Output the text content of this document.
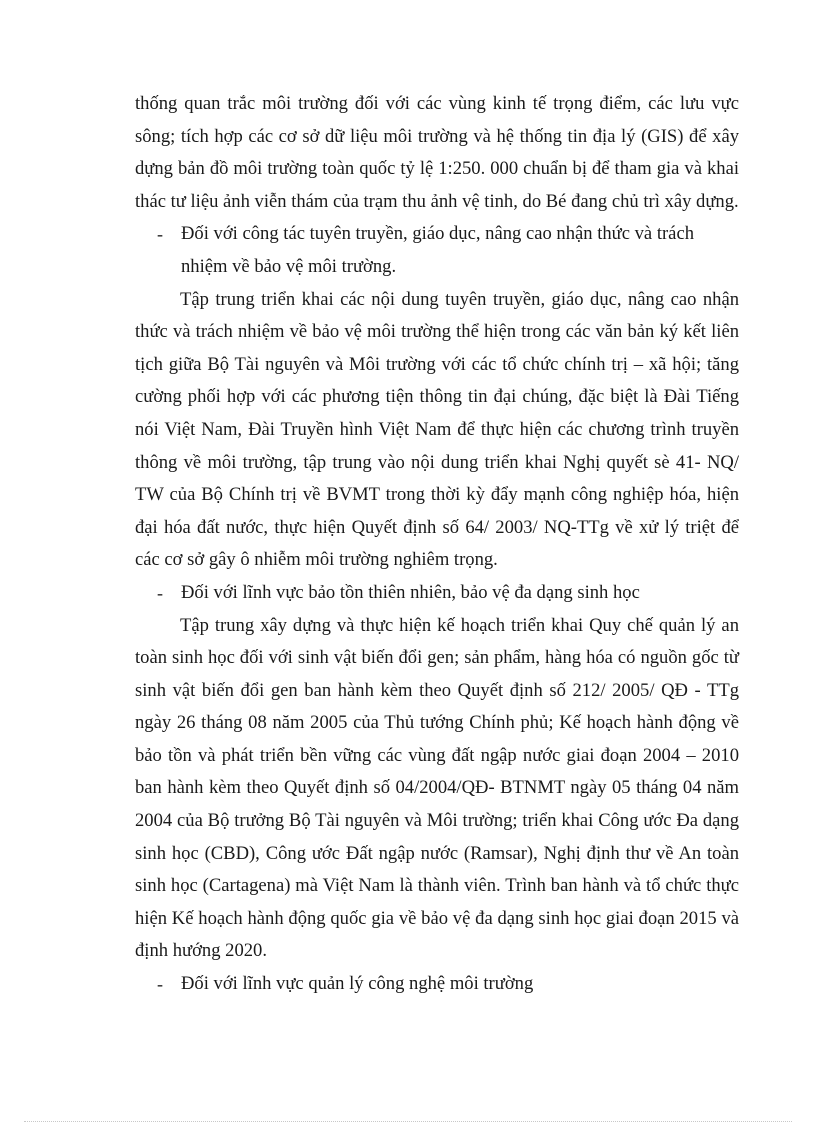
thống quan trắc môi trường đối với các vùng kinh tế trọng điểm, các lưu vực sông; tích hợp các cơ sở dữ liệu môi trường và hệ thống tin địa lý (GIS) để xây dựng bản đồ môi trường toàn quốc tỷ lệ 1:250. 000 chuẩn bị để tham gia và khai thác tư liệu ảnh viễn thám của trạm thu ảnh vệ tinh, do Bé đang chủ trì xây dựng.

- Đối với công tác tuyên truyền, giáo dục, nâng cao nhận thức và trách nhiệm về bảo vệ môi trường.

Tập trung triển khai các nội dung tuyên truyền, giáo dục, nâng cao nhận thức và trách nhiệm về bảo vệ môi trường thể hiện trong các văn bản ký kết liên tịch giữa Bộ Tài nguyên và Môi trường với các tổ chức chính trị – xã hội; tăng cường phối hợp với các phương tiện thông tin đại chúng, đặc biệt là Đài Tiếng nói Việt Nam, Đài Truyền hình Việt Nam để thực hiện các chương trình truyền thông về môi trường, tập trung vào nội dung triển khai Nghị quyết sè 41- NQ/ TW của Bộ Chính trị về BVMT trong thời kỳ đẩy mạnh công nghiệp hóa, hiện đại hóa đất nước, thực hiện Quyết định số 64/ 2003/ NQ-TTg về xử lý triệt để các cơ sở gây ô nhiễm môi trường nghiêm trọng.

- Đối với lĩnh vực bảo tồn thiên nhiên, bảo vệ đa dạng sinh học

Tập trung xây dựng và thực hiện kế hoạch triển khai Quy chế quản lý an toàn sinh học đối với sinh vật biến đổi gen; sản phẩm, hàng hóa có nguồn gốc từ sinh vật biến đổi gen ban hành kèm theo Quyết định số 212/ 2005/ QĐ - TTg ngày 26 tháng 08 năm 2005 của Thủ tướng Chính phủ; Kế hoạch hành động về bảo tồn và phát triển bền vững các vùng đất ngập nước giai đoạn 2004 – 2010 ban hành kèm theo Quyết định số 04/2004/QĐ- BTNMT ngày 05 tháng 04 năm 2004 của Bộ trưởng Bộ Tài nguyên và Môi trường; triển khai Công ước Đa dạng sinh học (CBD), Công ước Đất ngập nước (Ramsar), Nghị định thư về An toàn sinh học (Cartagena) mà Việt Nam là thành viên. Trình ban hành và tổ chức thực hiện Kế hoạch hành động quốc gia về bảo vệ đa dạng sinh học giai đoạn 2015 và định hướng 2020.

- Đối với lĩnh vực quản lý công nghệ môi trường
